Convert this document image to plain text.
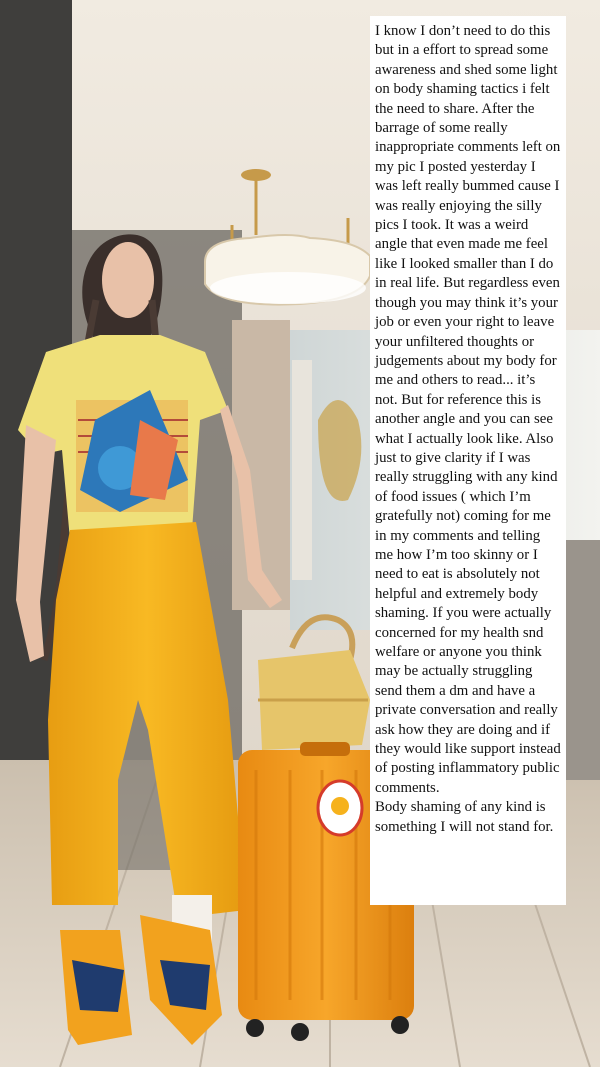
I know I don’t need to do this but in a effort to spread some awareness and shed some light on body shaming tactics i felt the need to share. After the barrage of some really inappropriate comments left on my pic I posted yesterday I was left really bummed cause I was really enjoying the silly pics I took. It was a weird angle that even made me feel like I looked smaller than I do in real life. But regardless even though you may think it’s your job or even your right to leave your unfiltered thoughts or judgements about my body for me and others to read... it’s not. But for reference this is another angle and you can see what I actually look like. Also just to give clarity if I was really struggling with any kind of food issues ( which I’m gratefully not) coming for me in my comments and telling me how I’m too skinny or I need to eat is absolutely not helpful and extremely body shaming. If you were actually concerned for my health snd welfare or anyone you think may be actually struggling send them a dm and have a private conversation and really ask how they are doing and if they would like support instead of posting inflammatory public comments.
Body shaming of any kind is something I will not stand for.
